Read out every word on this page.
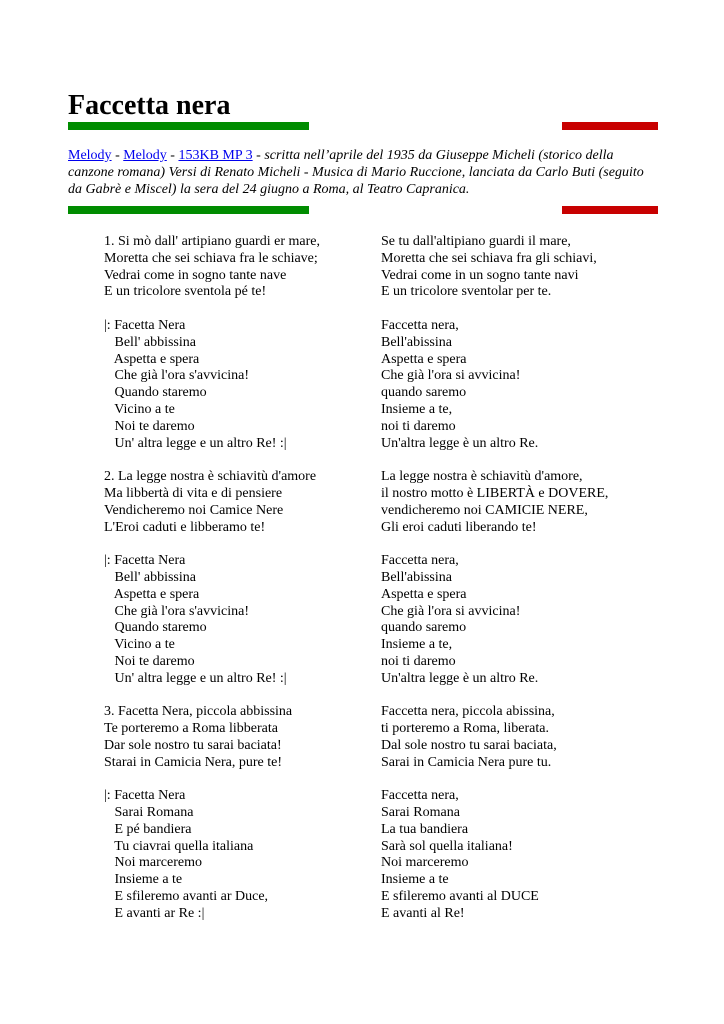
Faccetta nera

Melody - Melody - 153KB MP 3 - scritta nell’aprile del 1935 da Giuseppe Micheli (storico della canzone romana) Versi di Renato Micheli - Musica di Mario Ruccione, lanciata da Carlo Buti (seguito da Gabrè e Miscel) la sera del 24 giugno a Roma, al Teatro Capranica.

1. Si mò dall' artipiano guardi er mare,
Moretta che sei schiava fra le schiave;
Vedrai come in sogno tante nave
E un tricolore sventola pé te!
|: Facetta Nera
Bell' abbissina
Aspetta e spera
Che già l'ora s'avvicina!
Quando staremo
Vicino a te
Noi te daremo
Un' altra legge e un altro Re! :|
2. La legge nostra è schiavitù d'amore
Ma libbertà di vita e di pensiere
Vendicheremo noi Camice Nere
L'Eroi caduti e libberamo te!
|: Facetta Nera
Bell' abbissina
Aspetta e spera
Che già l'ora s'avvicina!
Quando staremo
Vicino a te
Noi te daremo
Un' altra legge e un altro Re! :|
3. Facetta Nera, piccola abbissina
Te porteremo a Roma libberata
Dar sole nostro tu sarai baciata!
Starai in Camicia Nera, pure te!
|: Facetta Nera
Sarai Romana
E pé bandiera
Tu ciavrai quella italiana
Noi marceremo
Insieme a te
E sfileremo avanti ar Duce,
E avanti ar Re :|
Se tu dall'altipiano guardi il mare,
Moretta che sei schiava fra gli schiavi,
Vedrai come in un sogno tante navi
E un tricolore sventolar per te.
Faccetta nera,
Bell'abissina
Aspetta e spera
Che già l'ora si avvicina!
quando saremo
Insieme a te,
noi ti daremo
Un'altra legge è un altro Re.
La legge nostra è schiavitù d'amore,
il nostro motto è LIBERTÀ e DOVERE,
vendicheremo noi CAMICIE NERE,
Gli eroi caduti liberando te!
Faccetta nera,
Bell'abissina
Aspetta e spera
Che già l'ora si avvicina!
quando saremo
Insieme a te,
noi ti daremo
Un'altra legge è un altro Re.
Faccetta nera, piccola abissina,
ti porteremo a Roma, liberata.
Dal sole nostro tu sarai baciata,
Sarai in Camicia Nera pure tu.
Faccetta nera,
Sarai Romana
La tua bandiera
Sarà sol quella italiana!
Noi marceremo
Insieme a te
E sfileremo avanti al DUCE
E avanti al Re!
